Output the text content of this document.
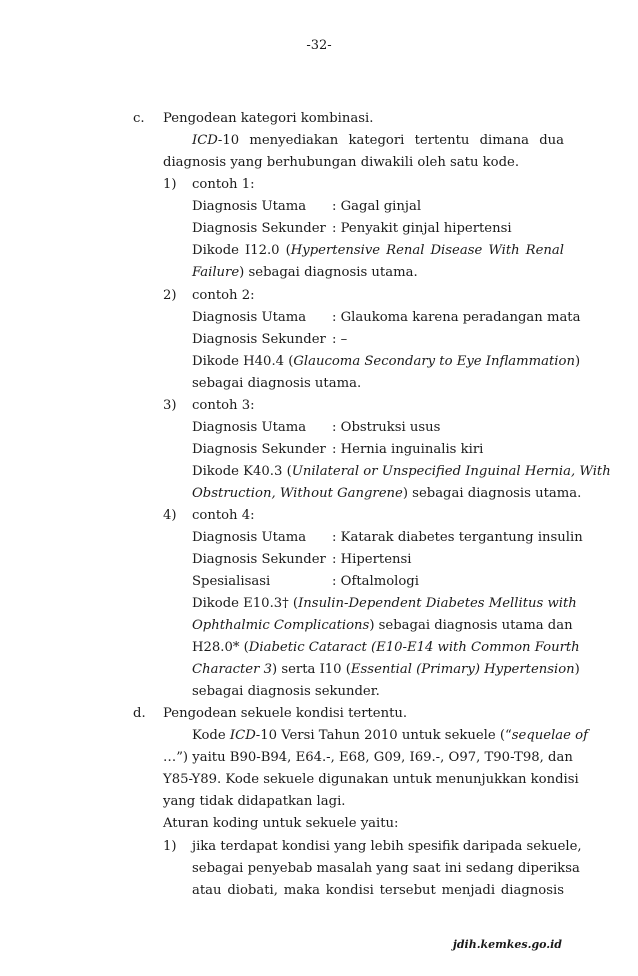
-32-
c. Pengodean kategori kombinasi.
ICD-10 menyediakan kategori tertentu dimana dua
diagnosis yang berhubungan diwakili oleh satu kode.
1) contoh 1:
Diagnosis Utama : Gagal ginjal
Diagnosis Sekunder : Penyakit ginjal hipertensi
Dikode I12.0 (Hypertensive Renal Disease With Renal
Failure) sebagai diagnosis utama.
2) contoh 2:
Diagnosis Utama : Glaukoma karena peradangan mata
Diagnosis Sekunder : –
Dikode H40.4 (Glaucoma Secondary to Eye Inflammation)
sebagai diagnosis utama.
3) contoh 3:
Diagnosis Utama : Obstruksi usus
Diagnosis Sekunder : Hernia inguinalis kiri
Dikode K40.3 (Unilateral or Unspecified Inguinal Hernia, With
Obstruction, Without Gangrene) sebagai diagnosis utama.
4) contoh 4:
Diagnosis Utama : Katarak diabetes tergantung insulin
Diagnosis Sekunder : Hipertensi
Spesialisasi	: Oftalmologi
Dikode E10.3† (Insulin-Dependent Diabetes Mellitus with
Ophthalmic Complications) sebagai diagnosis utama dan
H28.0* (Diabetic Cataract (E10-E14 with Common Fourth
Character 3) serta I10 (Essential (Primary) Hypertension)
sebagai diagnosis sekunder.
d. Pengodean sekuele kondisi tertentu.
Kode ICD-10 Versi Tahun 2010 untuk sekuele (“sequelae of
…”) yaitu B90-B94, E64.-, E68, G09, I69.-, O97, T90-T98, dan
Y85-Y89. Kode sekuele digunakan untuk menunjukkan kondisi
yang tidak didapatkan lagi.
Aturan koding untuk sekuele yaitu:
1) jika terdapat kondisi yang lebih spesifik daripada sekuele,
sebagai penyebab masalah yang saat ini sedang diperiksa
atau diobati, maka kondisi tersebut menjadi diagnosis
jdih.kemkes.go.id
